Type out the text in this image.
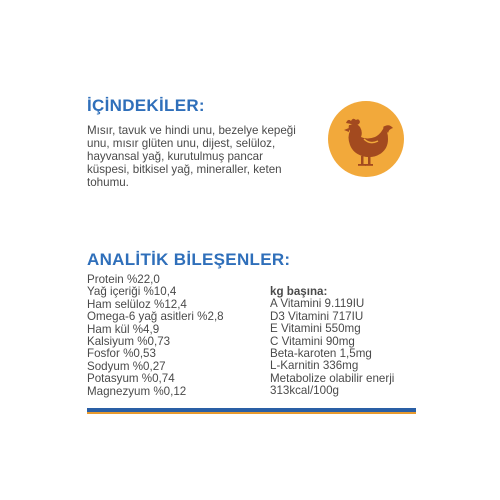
İÇİNDEKİLER:
Mısır, tavuk ve hindi unu, bezelye kepeği
unu, mısır glüten unu, dijest, selüloz,
hayvansal yağ, kurutulmuş pancar
küspesi, bitkisel yağ, mineraller, keten
tohumu.
ANALİTİK BİLEŞENLER:
Protein %22,0
Yağ içeriği %10,4
Ham selüloz %12,4
Omega-6 yağ asitleri %2,8
Ham kül %4,9
Kalsiyum %0,73
Fosfor %0,53
Sodyum %0,27
Potasyum %0,74
Magnezyum %0,12
kg başına:
A Vitamini 9.119IU
D3 Vitamini 717IU
E Vitamini 550mg
C Vitamini 90mg
Beta-karoten 1,5mg
L-Karnitin 336mg
Metabolize olabilir enerji
313kcal/100g
